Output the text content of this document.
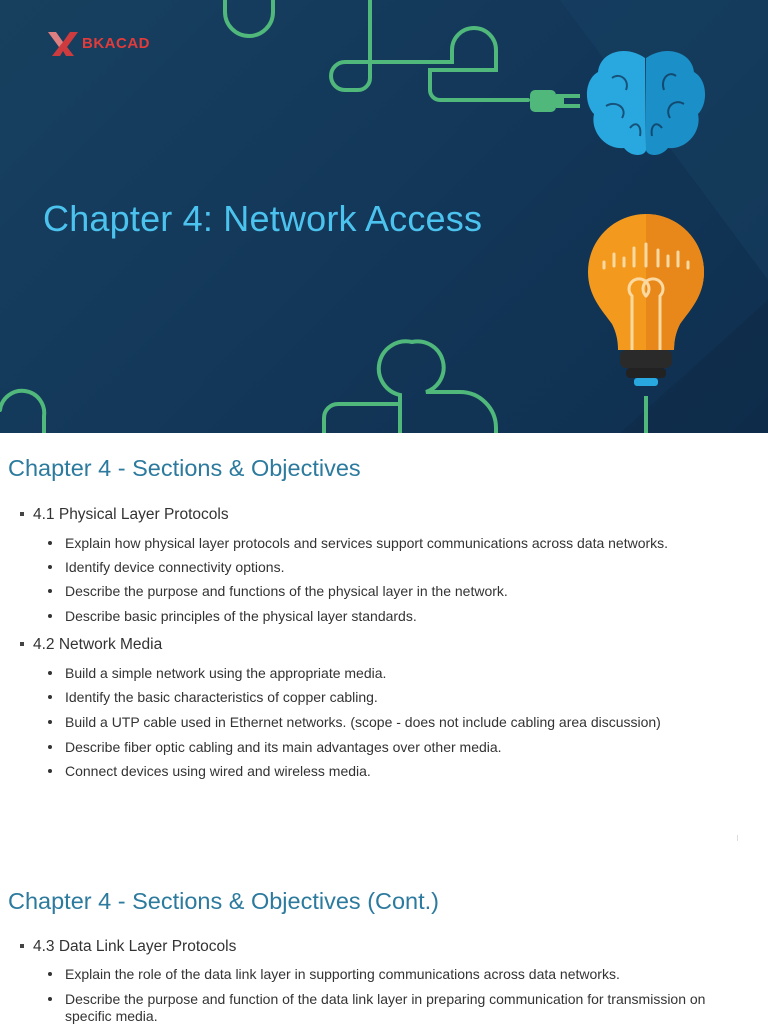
BKACAD
Chapter 4: Network Access
Chapter 4 - Sections & Objectives
4.1 Physical Layer Protocols
Explain how physical layer protocols and services support communications across data networks.
Identify device connectivity options.
Describe the purpose and functions of the physical layer in the network.
Describe basic principles of the physical layer standards.
4.2 Network Media
Build a simple network using the appropriate media.
Identify the basic characteristics of copper cabling.
Build a UTP cable used in Ethernet networks. (scope - does not include cabling area discussion)
Describe fiber optic cabling and its main advantages over other media.
Connect devices using wired and wireless media.
Chapter 4 - Sections & Objectives (Cont.)
4.3 Data Link Layer Protocols
Explain the role of the data link layer in supporting communications across data networks.
Describe the purpose and function of the data link layer in preparing communication for transmission on specific media.
